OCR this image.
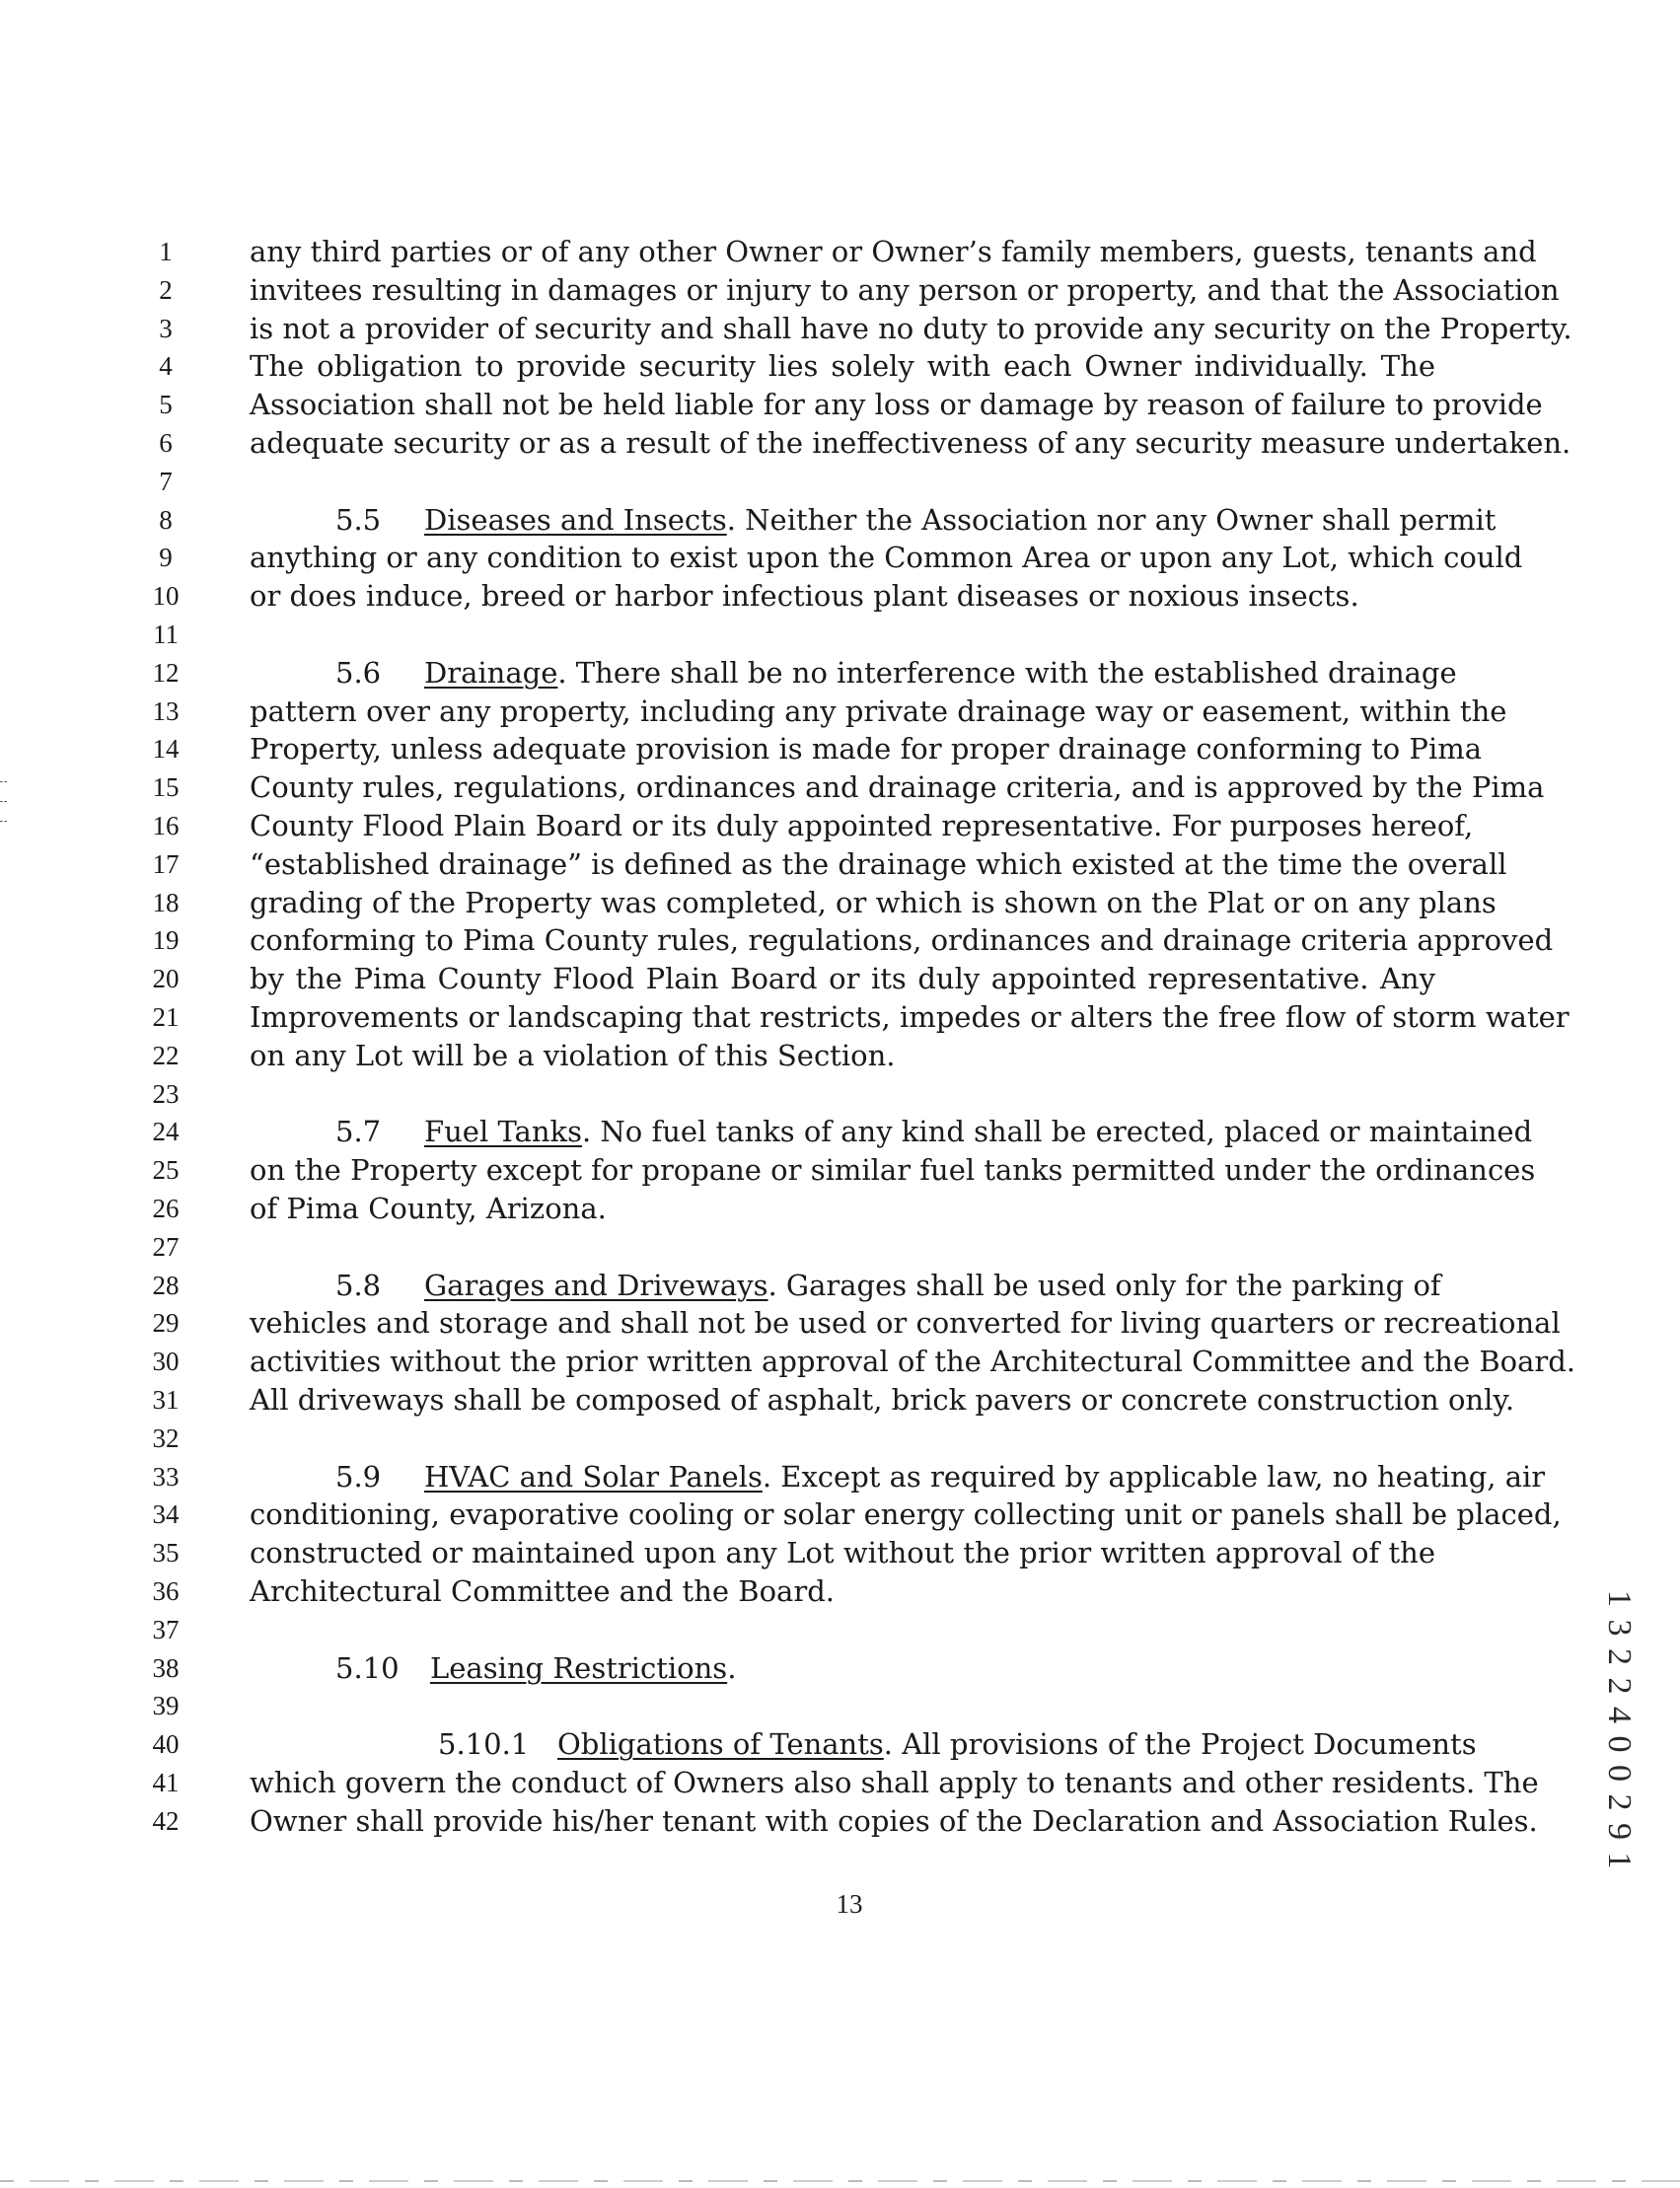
1	any third parties or of any other Owner or Owner’s family members, guests, tenants and
2	invitees resulting in damages or injury to any person or property, and that the Association
3	is not a provider of security and shall have no duty to provide any security on the Property.
4	The obligation to provide security lies solely with each Owner individually. The
5	Association shall not be held liable for any loss or damage by reason of failure to provide
6	adequate security or as a result of the ineffectiveness of any security measure undertaken.
7
8	5.5 Diseases and Insects. Neither the Association nor any Owner shall permit
9	anything or any condition to exist upon the Common Area or upon any Lot, which could
10	or does induce, breed or harbor infectious plant diseases or noxious insects.
11
12	5.6 Drainage. There shall be no interference with the established drainage
13	pattern over any property, including any private drainage way or easement, within the
14	Property, unless adequate provision is made for proper drainage conforming to Pima
15	County rules, regulations, ordinances and drainage criteria, and is approved by the Pima
16	County Flood Plain Board or its duly appointed representative. For purposes hereof,
17	“established drainage” is defined as the drainage which existed at the time the overall
18	grading of the Property was completed, or which is shown on the Plat or on any plans
19	conforming to Pima County rules, regulations, ordinances and drainage criteria approved
20	by the Pima County Flood Plain Board or its duly appointed representative. Any
21	Improvements or landscaping that restricts, impedes or alters the free flow of storm water
22	on any Lot will be a violation of this Section.
23
24	5.7 Fuel Tanks. No fuel tanks of any kind shall be erected, placed or maintained
25	on the Property except for propane or similar fuel tanks permitted under the ordinances
26	of Pima County, Arizona.
27
28	5.8 Garages and Driveways. Garages shall be used only for the parking of
29	vehicles and storage and shall not be used or converted for living quarters or recreational
30	activities without the prior written approval of the Architectural Committee and the Board.
31	All driveways shall be composed of asphalt, brick pavers or concrete construction only.
32
33	5.9 HVAC and Solar Panels. Except as required by applicable law, no heating, air
34	conditioning, evaporative cooling or solar energy collecting unit or panels shall be placed,
35	constructed or maintained upon any Lot without the prior written approval of the
36	Architectural Committee and the Board.
37
38	5.10 Leasing Restrictions.
39
40	5.10.1 Obligations of Tenants. All provisions of the Project Documents
41	which govern the conduct of Owners also shall apply to tenants and other residents. The
42	Owner shall provide his/her tenant with copies of the Declaration and Association Rules.
13
1 3 2 2 4 0 0 2 9 1
